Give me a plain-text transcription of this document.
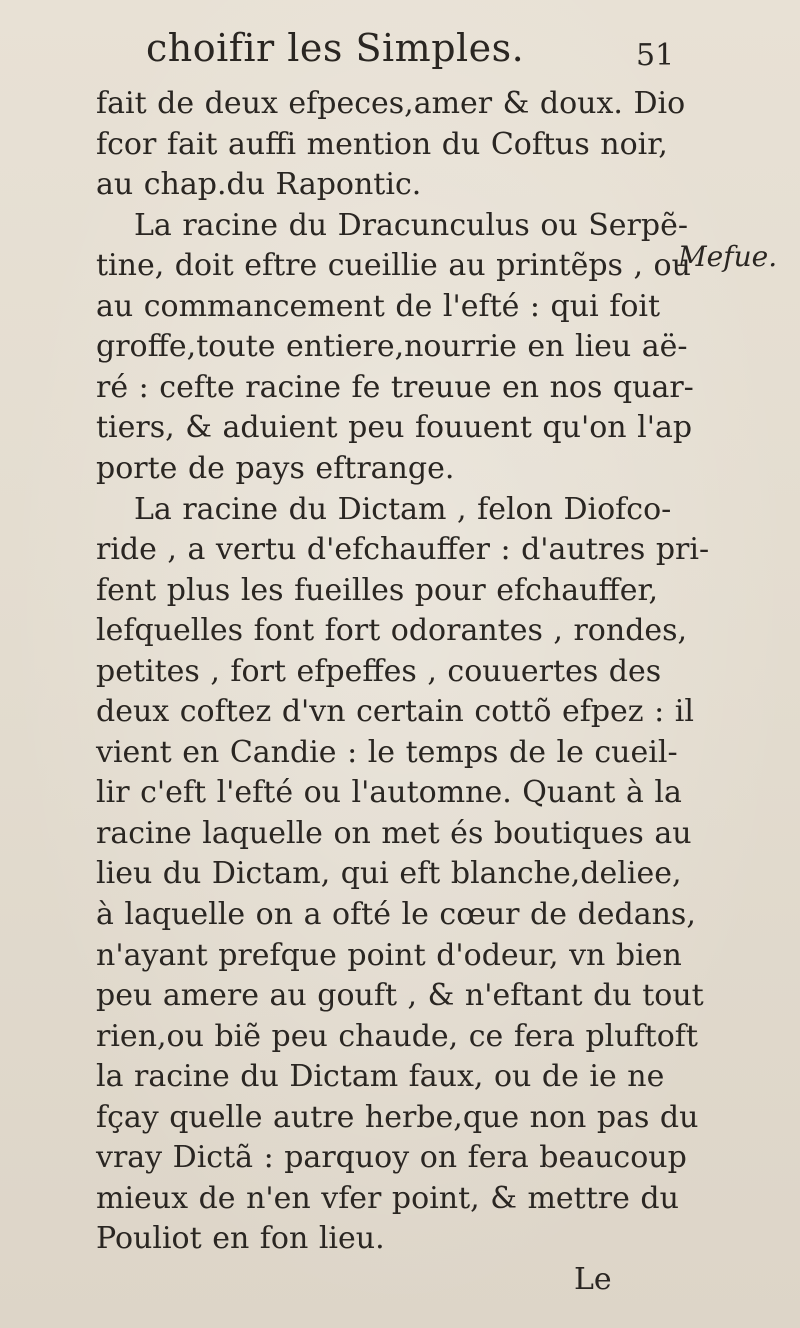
choifir les Simples.	51
Mefue.
fait de deux efpeces,amer & doux. Dio
fcor fait auffi mention du Coftus noir,
au chap.du Rapontic.
La racine du Dracunculus ou Serpẽ-
tine, doit eftre cueillie au printẽps , ou
au commancement de l'efté : qui foit
groffe,toute entiere,nourrie en lieu aë-
ré : cefte racine fe treuue en nos quar-
tiers, & aduient peu fouuent qu'on l'ap
porte de pays eftrange.
La racine du Dictam , felon Diofco-
ride , a vertu d'efchauffer : d'autres pri-
fent plus les fueilles pour efchauffer,
lefquelles font fort odorantes , rondes,
petites , fort efpeffes , couuertes des
deux coftez d'vn certain cottõ efpez : il
vient en Candie : le temps de le cueil-
lir c'eft l'efté ou l'automne. Quant à la
racine laquelle on met és boutiques au
lieu du Dictam, qui eft blanche,deliee,
à laquelle on a ofté le cœur de dedans,
n'ayant prefque point d'odeur, vn bien
peu amere au gouft , & n'eftant du tout
rien,ou biẽ peu chaude, ce fera pluftoft
la racine du Dictam faux, ou de ie ne
fçay quelle autre herbe,que non pas du
vray Dictã : parquoy on fera beaucoup
mieux de n'en vfer point, & mettre du
Pouliot en fon lieu.
Le
